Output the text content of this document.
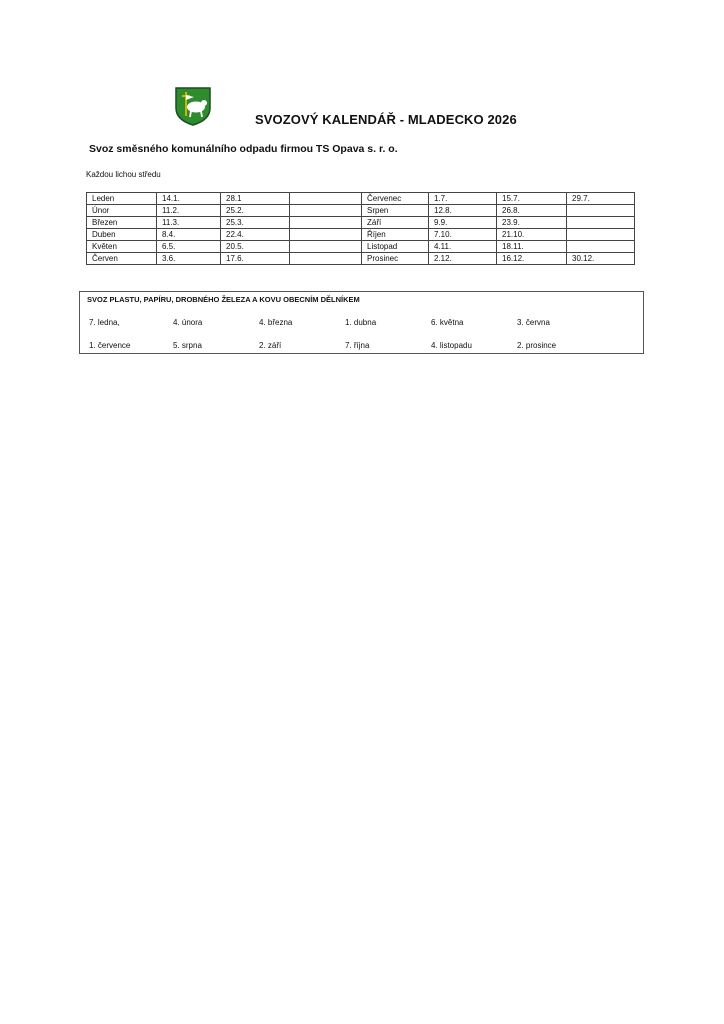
SVOZOVÝ KALENDÁŘ - MLADECKO 2026
Svoz směsného komunálního odpadu firmou TS Opava s. r. o.
Každou lichou středu
Leden	14.1.	28.1		Červenec	1.7.	15.7.	29.7.
Únor	11.2.	25.2.		Srpen	12.8.	26.8.	
Březen	11.3.	25.3.		Září	9.9.	23.9.	
Duben	8.4.	22.4.		Říjen	7.10.	21.10.	
Květen	6.5.	20.5.		Listopad	4.11.	18.11.	
Červen	3.6.	17.6.		Prosinec	2.12.	16.12.	30.12.
SVOZ PLASTU, PAPÍRU, DROBNÉHO ŽELEZA A KOVU OBECNÍM DĚLNÍKEM
7. ledna,	4. února	4. března	1. dubna	6. května	3. června
1. července	5. srpna	2. září	7. října	4. listopadu	2. prosince
